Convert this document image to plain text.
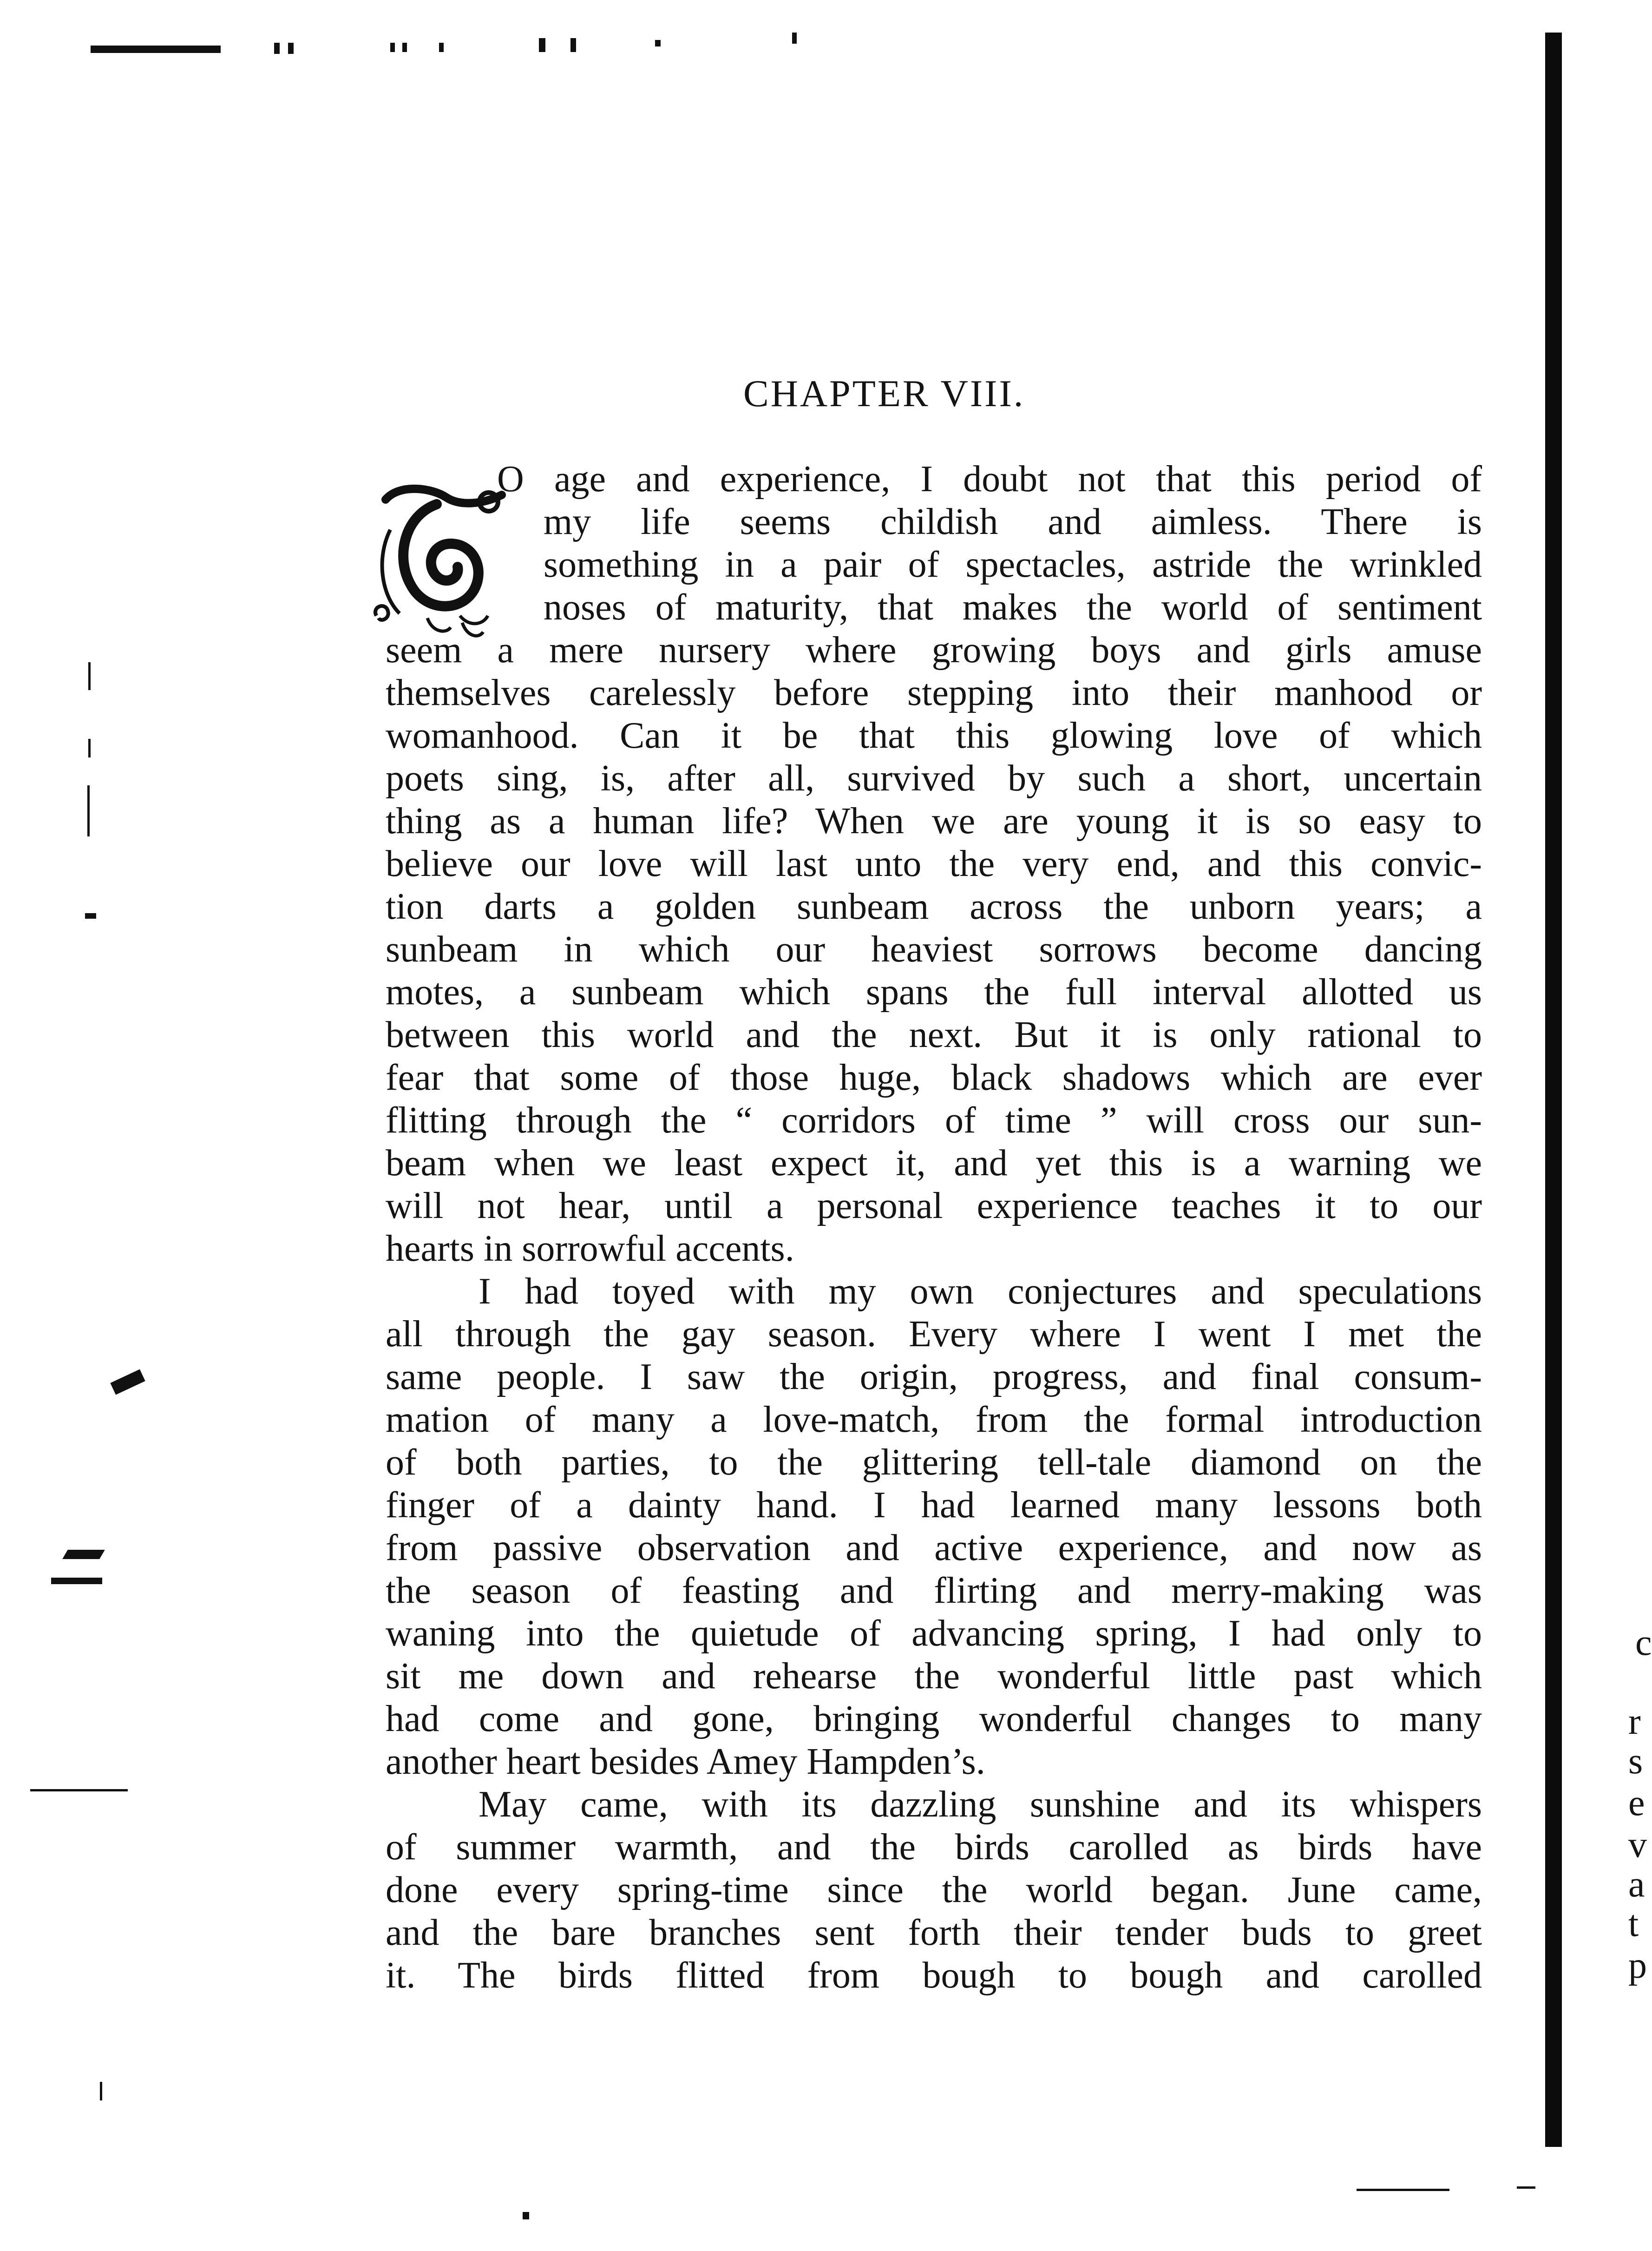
c
r
s
e
v
a
t
p
CHAPTER VIII.
O age and experience, I doubt not that this period of
my life seems childish and aimless. There is
something in a pair of spectacles, astride the wrinkled
noses of maturity, that makes the world of sentiment
seem a mere nursery where growing boys and girls amuse
themselves carelessly before stepping into their manhood or
womanhood. Can it be that this glowing love of which
poets sing, is, after all, survived by such a short, uncertain
thing as a human life? When we are young it is so easy to
believe our love will last unto the very end, and this convic-
tion darts a golden sunbeam across the unborn years; a
sunbeam in which our heaviest sorrows become dancing
motes, a sunbeam which spans the full interval allotted us
between this world and the next. But it is only rational to
fear that some of those huge, black shadows which are ever
flitting through the “ corridors of time ” will cross our sun-
beam when we least expect it, and yet this is a warning we
will not hear, until a personal experience teaches it to our
hearts in sorrowful accents.
I had toyed with my own conjectures and speculations
all through the gay season. Every where I went I met the
same people. I saw the origin, progress, and final consum-
mation of many a love-match, from the formal introduction
of both parties, to the glittering tell-tale diamond on the
finger of a dainty hand. I had learned many lessons both
from passive observation and active experience, and now as
the season of feasting and flirting and merry-making was
waning into the quietude of advancing spring, I had only to
sit me down and rehearse the wonderful little past which
had come and gone, bringing wonderful changes to many
another heart besides Amey Hampden’s.
May came, with its dazzling sunshine and its whispers
of summer warmth, and the birds carolled as birds have
done every spring-time since the world began. June came,
and the bare branches sent forth their tender buds to greet
it. The birds flitted from bough to bough and carolled
